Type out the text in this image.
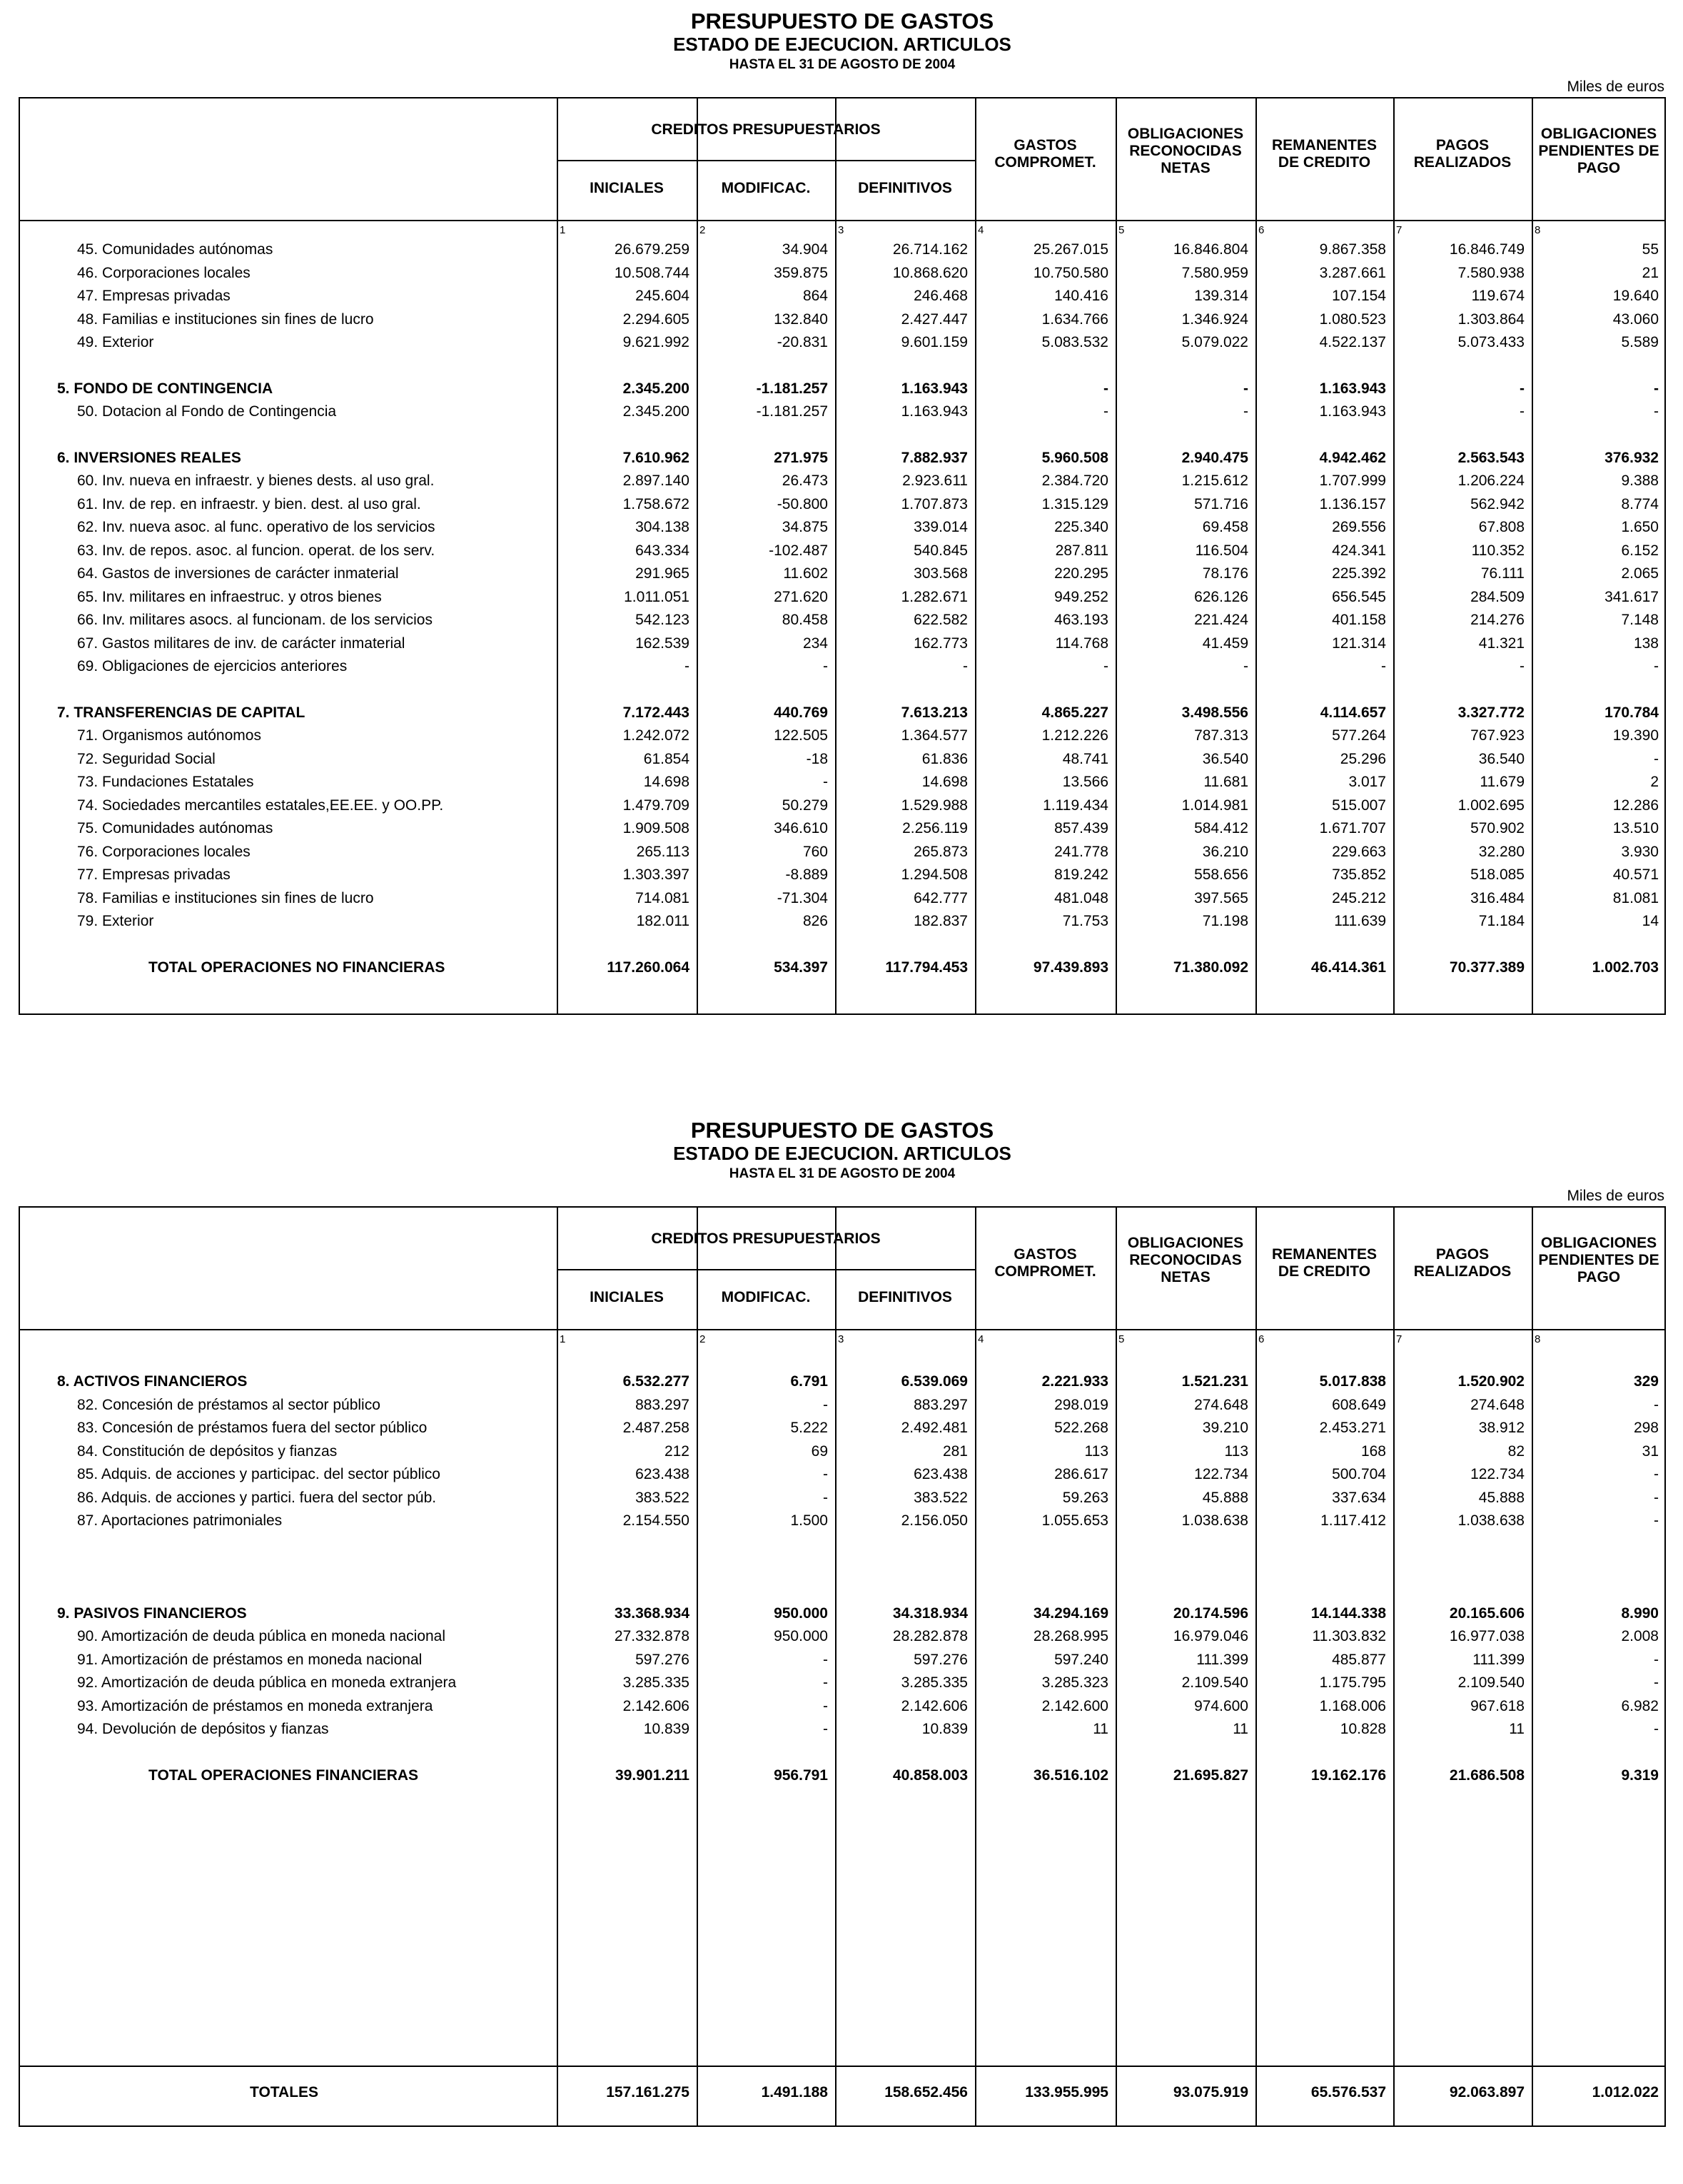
PRESUPUESTO DE GASTOS
ESTADO DE EJECUCION. ARTICULOS
HASTA EL 31 DE AGOSTO DE 2004
Miles de euros
CREDITOS PRESUPUESTARIOS
INICIALES	MODIFICAC.	DEFINITIVOS
GASTOS
COMPROMET.
OBLIGACIONES
RECONOCIDAS
NETAS
REMANENTES
DE CREDITO
PAGOS
REALIZADOS
OBLIGACIONES
PENDIENTES DE
PAGO
1	2	3	4	5	6	7	8
45. Comunidades autónomas	26.679.259	34.904	26.714.162	25.267.015	16.846.804	9.867.358	16.846.749	55
46. Corporaciones locales	10.508.744	359.875	10.868.620	10.750.580	7.580.959	3.287.661	7.580.938	21
47. Empresas privadas	245.604	864	246.468	140.416	139.314	107.154	119.674	19.640
48. Familias e instituciones sin fines de lucro	2.294.605	132.840	2.427.447	1.634.766	1.346.924	1.080.523	1.303.864	43.060
49. Exterior	9.621.992	-20.831	9.601.159	5.083.532	5.079.022	4.522.137	5.073.433	5.589
5. FONDO DE CONTINGENCIA	2.345.200	-1.181.257	1.163.943	-	-	1.163.943	-	-
50. Dotacion al Fondo de Contingencia	2.345.200	-1.181.257	1.163.943	-	-	1.163.943	-	-
6. INVERSIONES REALES	7.610.962	271.975	7.882.937	5.960.508	2.940.475	4.942.462	2.563.543	376.932
60. Inv. nueva en infraestr. y bienes dests. al uso gral.	2.897.140	26.473	2.923.611	2.384.720	1.215.612	1.707.999	1.206.224	9.388
61. Inv. de rep. en infraestr. y bien. dest. al uso gral.	1.758.672	-50.800	1.707.873	1.315.129	571.716	1.136.157	562.942	8.774
62. Inv. nueva asoc. al func. operativo de los servicios	304.138	34.875	339.014	225.340	69.458	269.556	67.808	1.650
63. Inv. de repos. asoc. al funcion. operat. de los serv.	643.334	-102.487	540.845	287.811	116.504	424.341	110.352	6.152
64. Gastos de inversiones de carácter inmaterial	291.965	11.602	303.568	220.295	78.176	225.392	76.111	2.065
65. Inv. militares en infraestruc. y otros bienes	1.011.051	271.620	1.282.671	949.252	626.126	656.545	284.509	341.617
66. Inv. militares asocs. al funcionam. de los servicios	542.123	80.458	622.582	463.193	221.424	401.158	214.276	7.148
67. Gastos militares de inv. de carácter inmaterial	162.539	234	162.773	114.768	41.459	121.314	41.321	138
69. Obligaciones de ejercicios anteriores	-	-	-	-	-	-	-	-
7. TRANSFERENCIAS DE CAPITAL	7.172.443	440.769	7.613.213	4.865.227	3.498.556	4.114.657	3.327.772	170.784
71. Organismos autónomos	1.242.072	122.505	1.364.577	1.212.226	787.313	577.264	767.923	19.390
72. Seguridad Social	61.854	-18	61.836	48.741	36.540	25.296	36.540	-
73. Fundaciones Estatales	14.698	-	14.698	13.566	11.681	3.017	11.679	2
74. Sociedades mercantiles estatales,EE.EE. y OO.PP.	1.479.709	50.279	1.529.988	1.119.434	1.014.981	515.007	1.002.695	12.286
75. Comunidades autónomas	1.909.508	346.610	2.256.119	857.439	584.412	1.671.707	570.902	13.510
76. Corporaciones locales	265.113	760	265.873	241.778	36.210	229.663	32.280	3.930
77. Empresas privadas	1.303.397	-8.889	1.294.508	819.242	558.656	735.852	518.085	40.571
78. Familias e instituciones sin fines de lucro	714.081	-71.304	642.777	481.048	397.565	245.212	316.484	81.081
79. Exterior	182.011	826	182.837	71.753	71.198	111.639	71.184	14
TOTAL OPERACIONES NO FINANCIERAS	117.260.064	534.397	117.794.453	97.439.893	71.380.092	46.414.361	70.377.389	1.002.703
PRESUPUESTO DE GASTOS
ESTADO DE EJECUCION. ARTICULOS
HASTA EL 31 DE AGOSTO DE 2004
Miles de euros
CREDITOS PRESUPUESTARIOS
INICIALES	MODIFICAC.	DEFINITIVOS
GASTOS
COMPROMET.
OBLIGACIONES
RECONOCIDAS
NETAS
REMANENTES
DE CREDITO
PAGOS
REALIZADOS
OBLIGACIONES
PENDIENTES DE
PAGO
1	2	3	4	5	6	7	8
8. ACTIVOS FINANCIEROS	6.532.277	6.791	6.539.069	2.221.933	1.521.231	5.017.838	1.520.902	329
82. Concesión de préstamos al sector público	883.297	-	883.297	298.019	274.648	608.649	274.648	-
83. Concesión de préstamos fuera del sector público	2.487.258	5.222	2.492.481	522.268	39.210	2.453.271	38.912	298
84. Constitución de depósitos y fianzas	212	69	281	113	113	168	82	31
85. Adquis. de acciones y participac. del sector público	623.438	-	623.438	286.617	122.734	500.704	122.734	-
86. Adquis. de acciones y partici. fuera del sector púb.	383.522	-	383.522	59.263	45.888	337.634	45.888	-
87. Aportaciones patrimoniales	2.154.550	1.500	2.156.050	1.055.653	1.038.638	1.117.412	1.038.638	-
9. PASIVOS FINANCIEROS	33.368.934	950.000	34.318.934	34.294.169	20.174.596	14.144.338	20.165.606	8.990
90. Amortización de deuda pública en moneda nacional	27.332.878	950.000	28.282.878	28.268.995	16.979.046	11.303.832	16.977.038	2.008
91. Amortización de préstamos en moneda nacional	597.276	-	597.276	597.240	111.399	485.877	111.399	-
92. Amortización de deuda pública en moneda extranjera	3.285.335	-	3.285.335	3.285.323	2.109.540	1.175.795	2.109.540	-
93. Amortización de préstamos en moneda extranjera	2.142.606	-	2.142.606	2.142.600	974.600	1.168.006	967.618	6.982
94. Devolución de depósitos y fianzas	10.839	-	10.839	11	11	10.828	11	-
TOTAL OPERACIONES FINANCIERAS	39.901.211	956.791	40.858.003	36.516.102	21.695.827	19.162.176	21.686.508	9.319
TOTALES	157.161.275	1.491.188	158.652.456	133.955.995	93.075.919	65.576.537	92.063.897	1.012.022
